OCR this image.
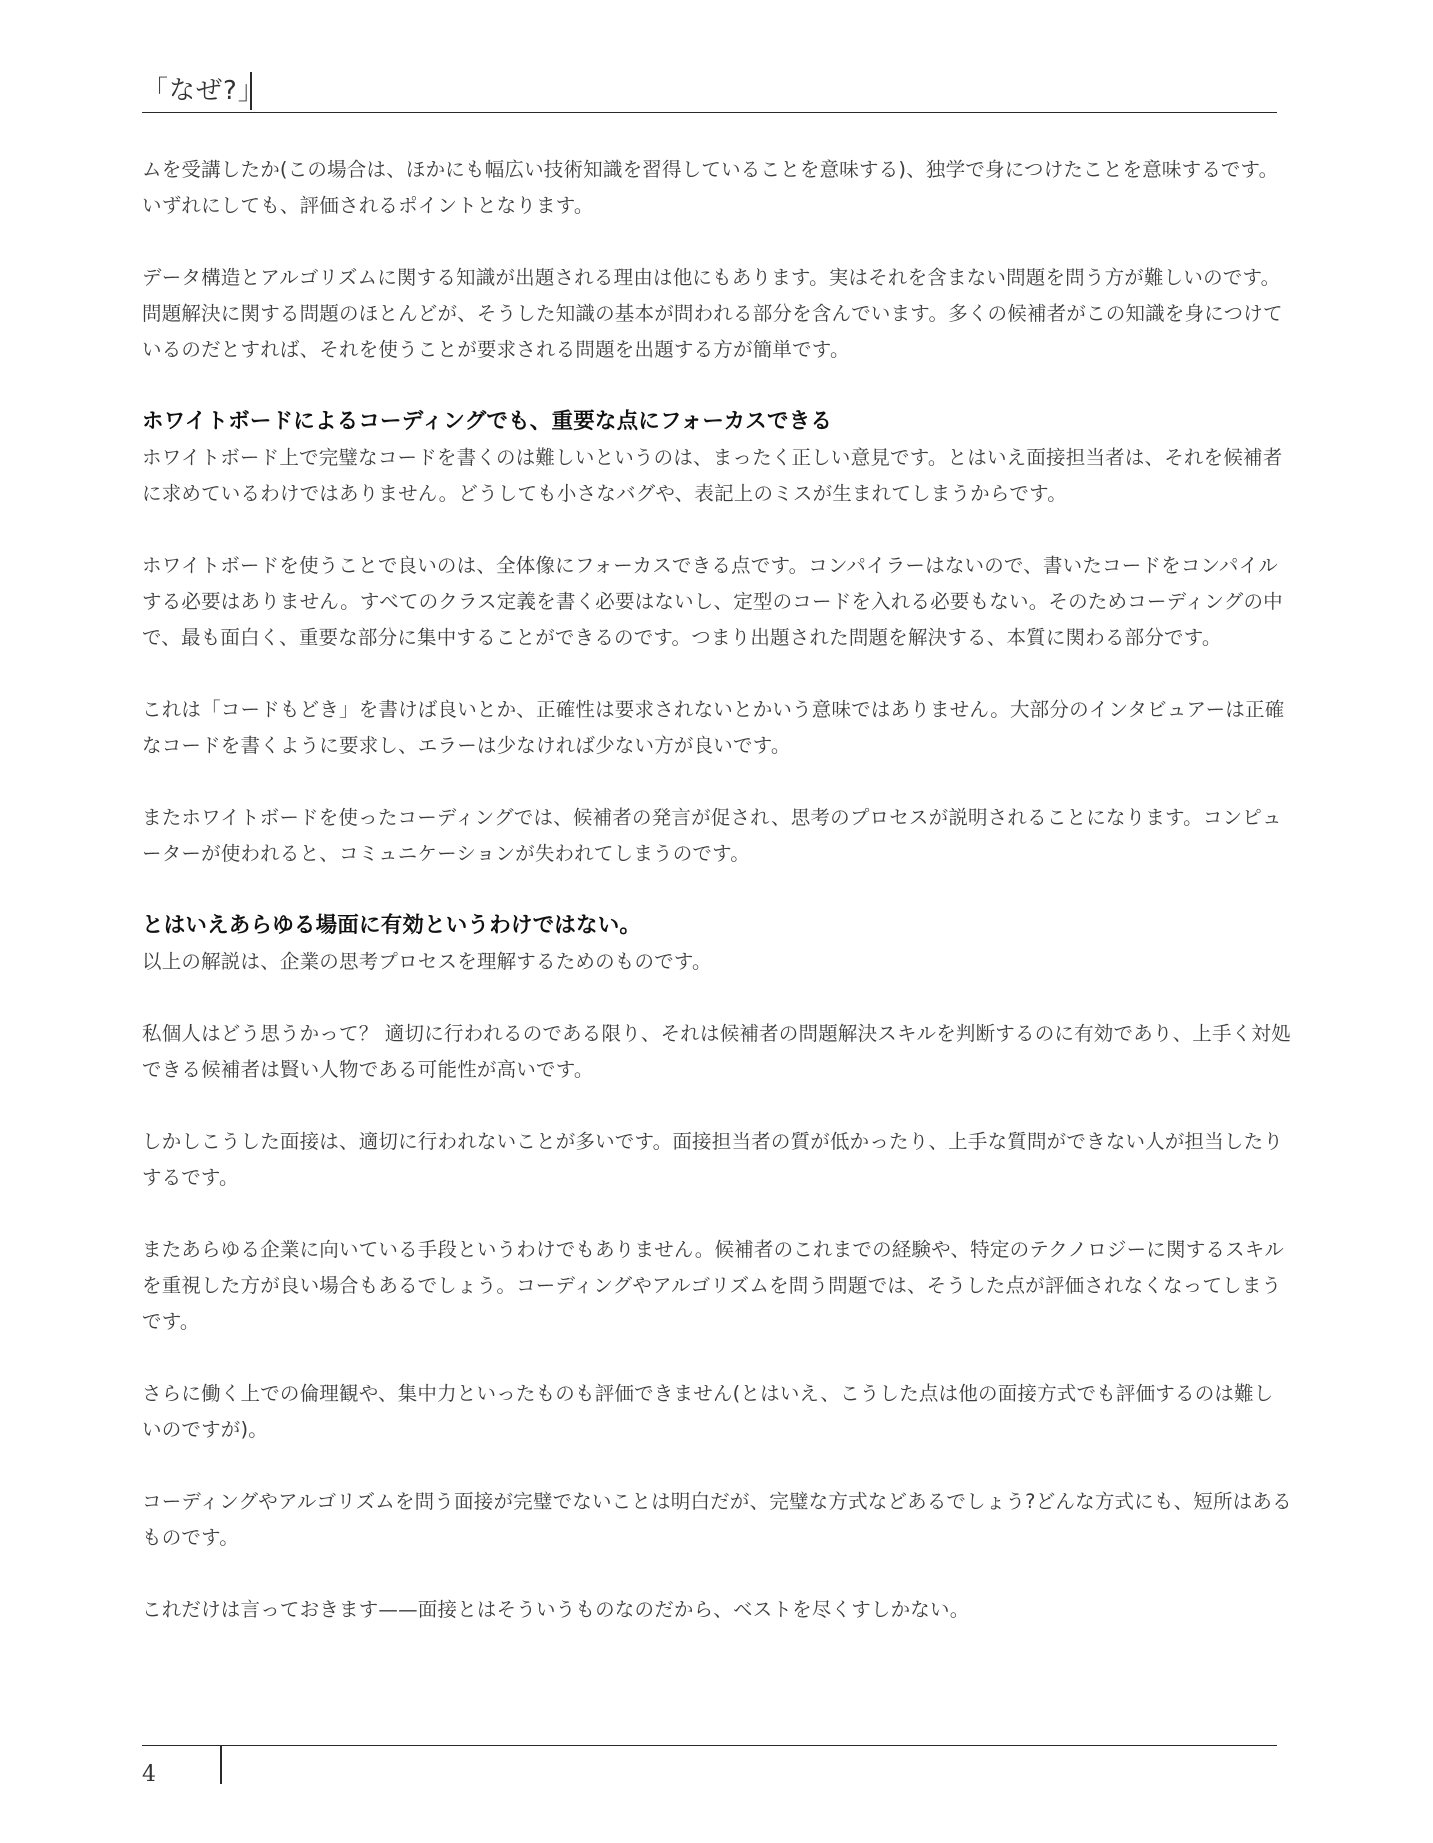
「なぜ?」

ムを受講したか(この場合は、ほかにも幅広い技術知識を習得していることを意味する)、独学で身につけたことを意味するです。いずれにしても、評価されるポイントとなります。

データ構造とアルゴリズムに関する知識が出題される理由は他にもあります。実はそれを含まない問題を問う方が難しいのです。問題解決に関する問題のほとんどが、そうした知識の基本が問われる部分を含んでいます。多くの候補者がこの知識を身につけているのだとすれば、それを使うことが要求される問題を出題する方が簡単です。

ホワイトボードによるコーディングでも、重要な点にフォーカスできる

ホワイトボード上で完璧なコードを書くのは難しいというのは、まったく正しい意見です。とはいえ面接担当者は、それを候補者に求めているわけではありません。どうしても小さなバグや、表記上のミスが生まれてしまうからです。

ホワイトボードを使うことで良いのは、全体像にフォーカスできる点です。コンパイラーはないので、書いたコードをコンパイルする必要はありません。すべてのクラス定義を書く必要はないし、定型のコードを入れる必要もない。そのためコーディングの中で、最も面白く、重要な部分に集中することができるのです。つまり出題された問題を解決する、本質に関わる部分です。

これは「コードもどき」を書けば良いとか、正確性は要求されないとかいう意味ではありません。大部分のインタビュアーは正確なコードを書くように要求し、エラーは少なければ少ない方が良いです。

またホワイトボードを使ったコーディングでは、候補者の発言が促され、思考のプロセスが説明されることになります。コンピューターが使われると、コミュニケーションが失われてしまうのです。

とはいえあらゆる場面に有効というわけではない。

以上の解説は、企業の思考プロセスを理解するためのものです。

私個人はどう思うかって？ 適切に行われるのである限り、それは候補者の問題解決スキルを判断するのに有効であり、上手く対処できる候補者は賢い人物である可能性が高いです。

しかしこうした面接は、適切に行われないことが多いです。面接担当者の質が低かったり、上手な質問ができない人が担当したりするです。

またあらゆる企業に向いている手段というわけでもありません。候補者のこれまでの経験や、特定のテクノロジーに関するスキルを重視した方が良い場合もあるでしょう。コーディングやアルゴリズムを問う問題では、そうした点が評価されなくなってしまうです。

さらに働く上での倫理観や、集中力といったものも評価できません(とはいえ、こうした点は他の面接方式でも評価するのは難しいのですが)。

コーディングやアルゴリズムを問う面接が完璧でないことは明白だが、完璧な方式などあるでしょう?どんな方式にも、短所はあるものです。

これだけは言っておきます——面接とはそういうものなのだから、ベストを尽くすしかない。

4
